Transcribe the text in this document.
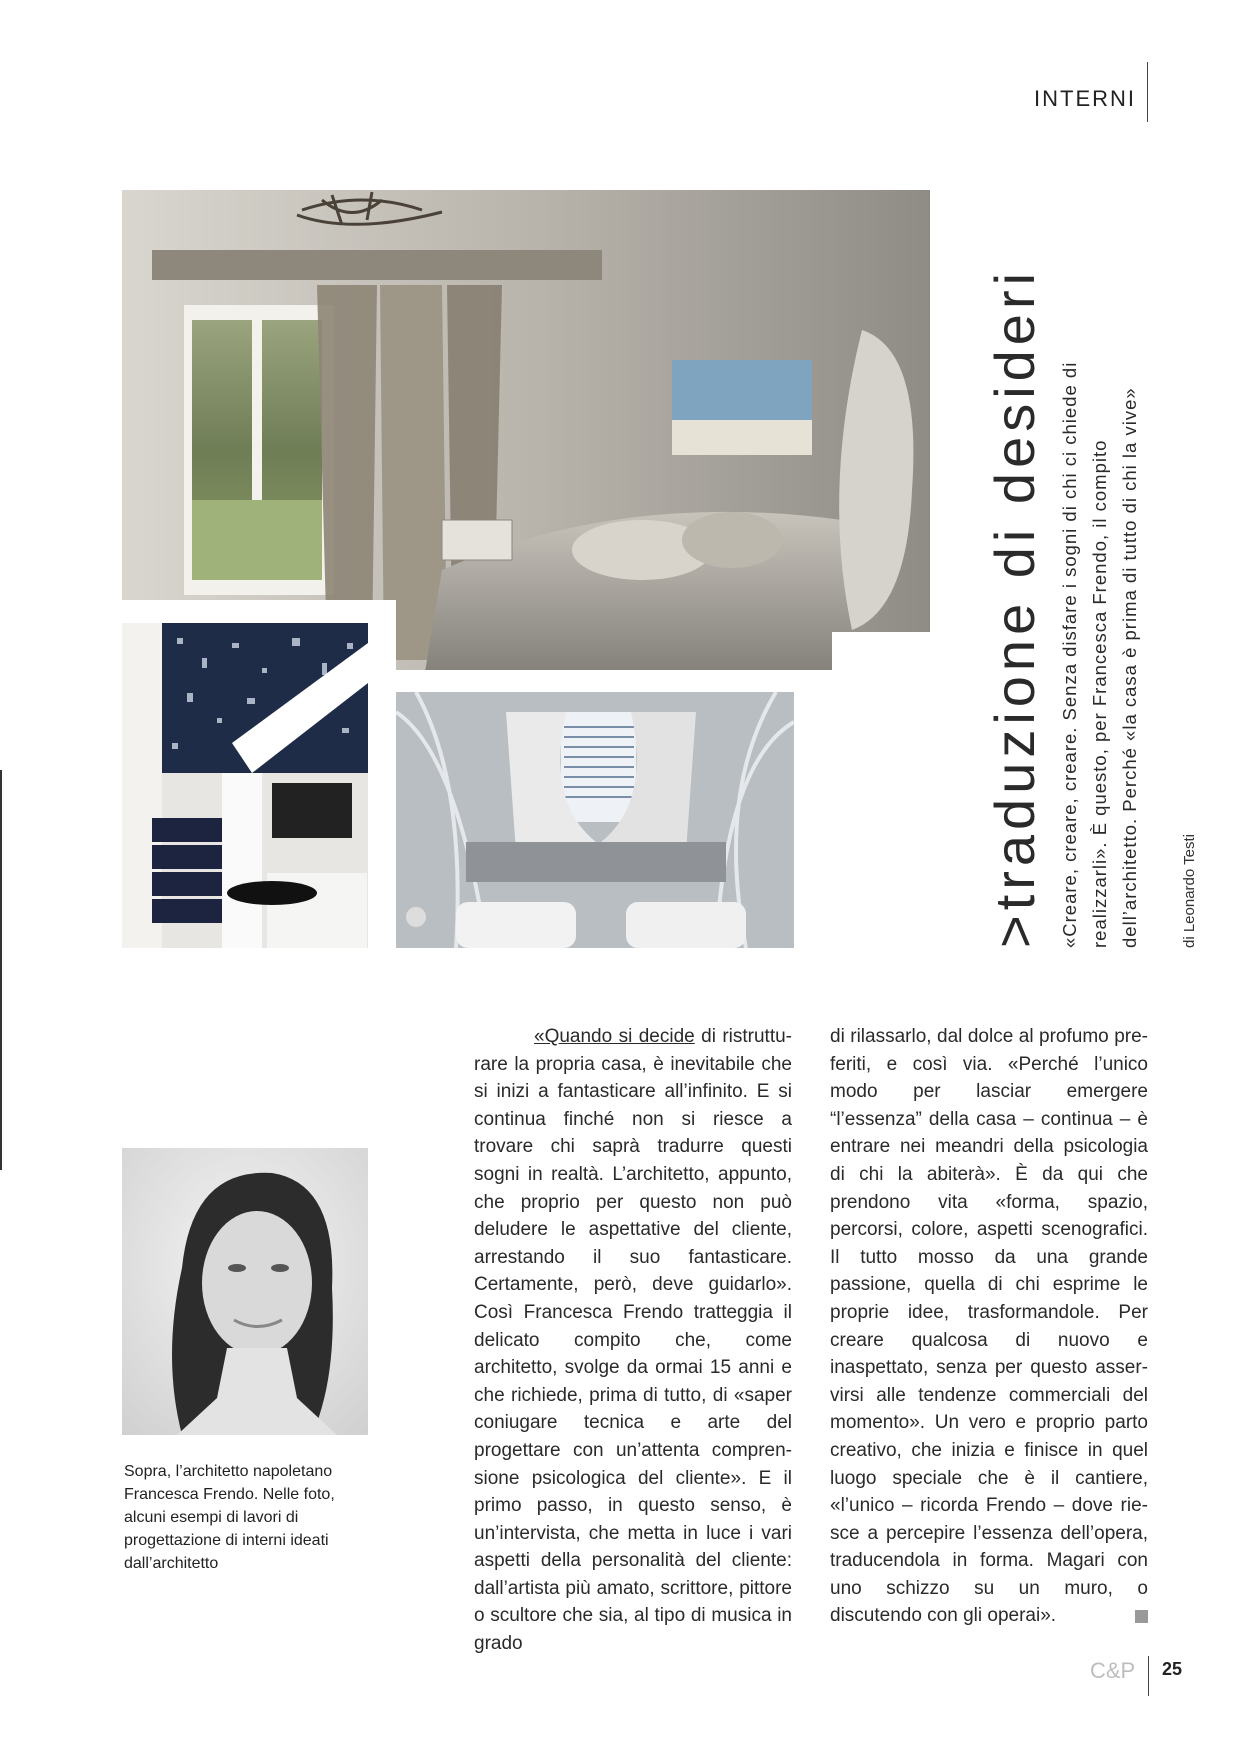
INTERNI
>traduzione di desideri «Creare, creare, creare. Senza disfare i sogni di chi ci chiede di realizzarli». È questo, per Francesca Frendo, il compito dell’architetto. Perché «la casa è prima di tutto di chi la vive»	di Leonardo Testi
Sopra, l’architetto napoletano Francesca Frendo. Nelle foto, alcuni esempi di lavori di progettazione di interni ideati dall’architetto
«Quando si decide di ristrutturare la propria casa, è inevitabile che si inizi a fantasticare all’infinito. E si continua finché non si riesce a trovare chi saprà tradurre questi sogni in realtà. L’architetto, appunto, che proprio per questo non può deludere le aspettative del cliente, arrestando il suo fantasticare. Certamente, però, deve guidarlo». Così Francesca Frendo tratteggia il delicato compito che, come architetto, svolge da ormai 15 anni e che richiede, prima di tutto, di «saper coniugare tecnica e arte del progettare con un’attenta comprensione psicologica del cliente». E il primo passo, in questo senso, è un’intervista, che metta in luce i vari aspetti della personalità del cliente: dall’artista più amato, scrittore, pittore o scultore che sia, al tipo di musica in grado
di rilassarlo, dal dolce al profumo preferiti, e così via. «Perché l’unico modo per lasciar emergere “l’essenza” della casa – continua – è entrare nei meandri della psicologia di chi la abiterà». È da qui che prendono vita «forma, spazio, percorsi, colore, aspetti scenografici. Il tutto mosso da una grande passione, quella di chi esprime le proprie idee, trasformandole. Per creare qualcosa di nuovo e inaspettato, senza per questo asservirsi alle tendenze commerciali del momento». Un vero e proprio parto creativo, che inizia e finisce in quel luogo speciale che è il cantiere, «l’unico – ricorda Frendo – dove riesce a percepire l’essenza dell’opera, traducendola in forma. Magari con uno schizzo su un muro, o discutendo con gli operai».
C&P 25
